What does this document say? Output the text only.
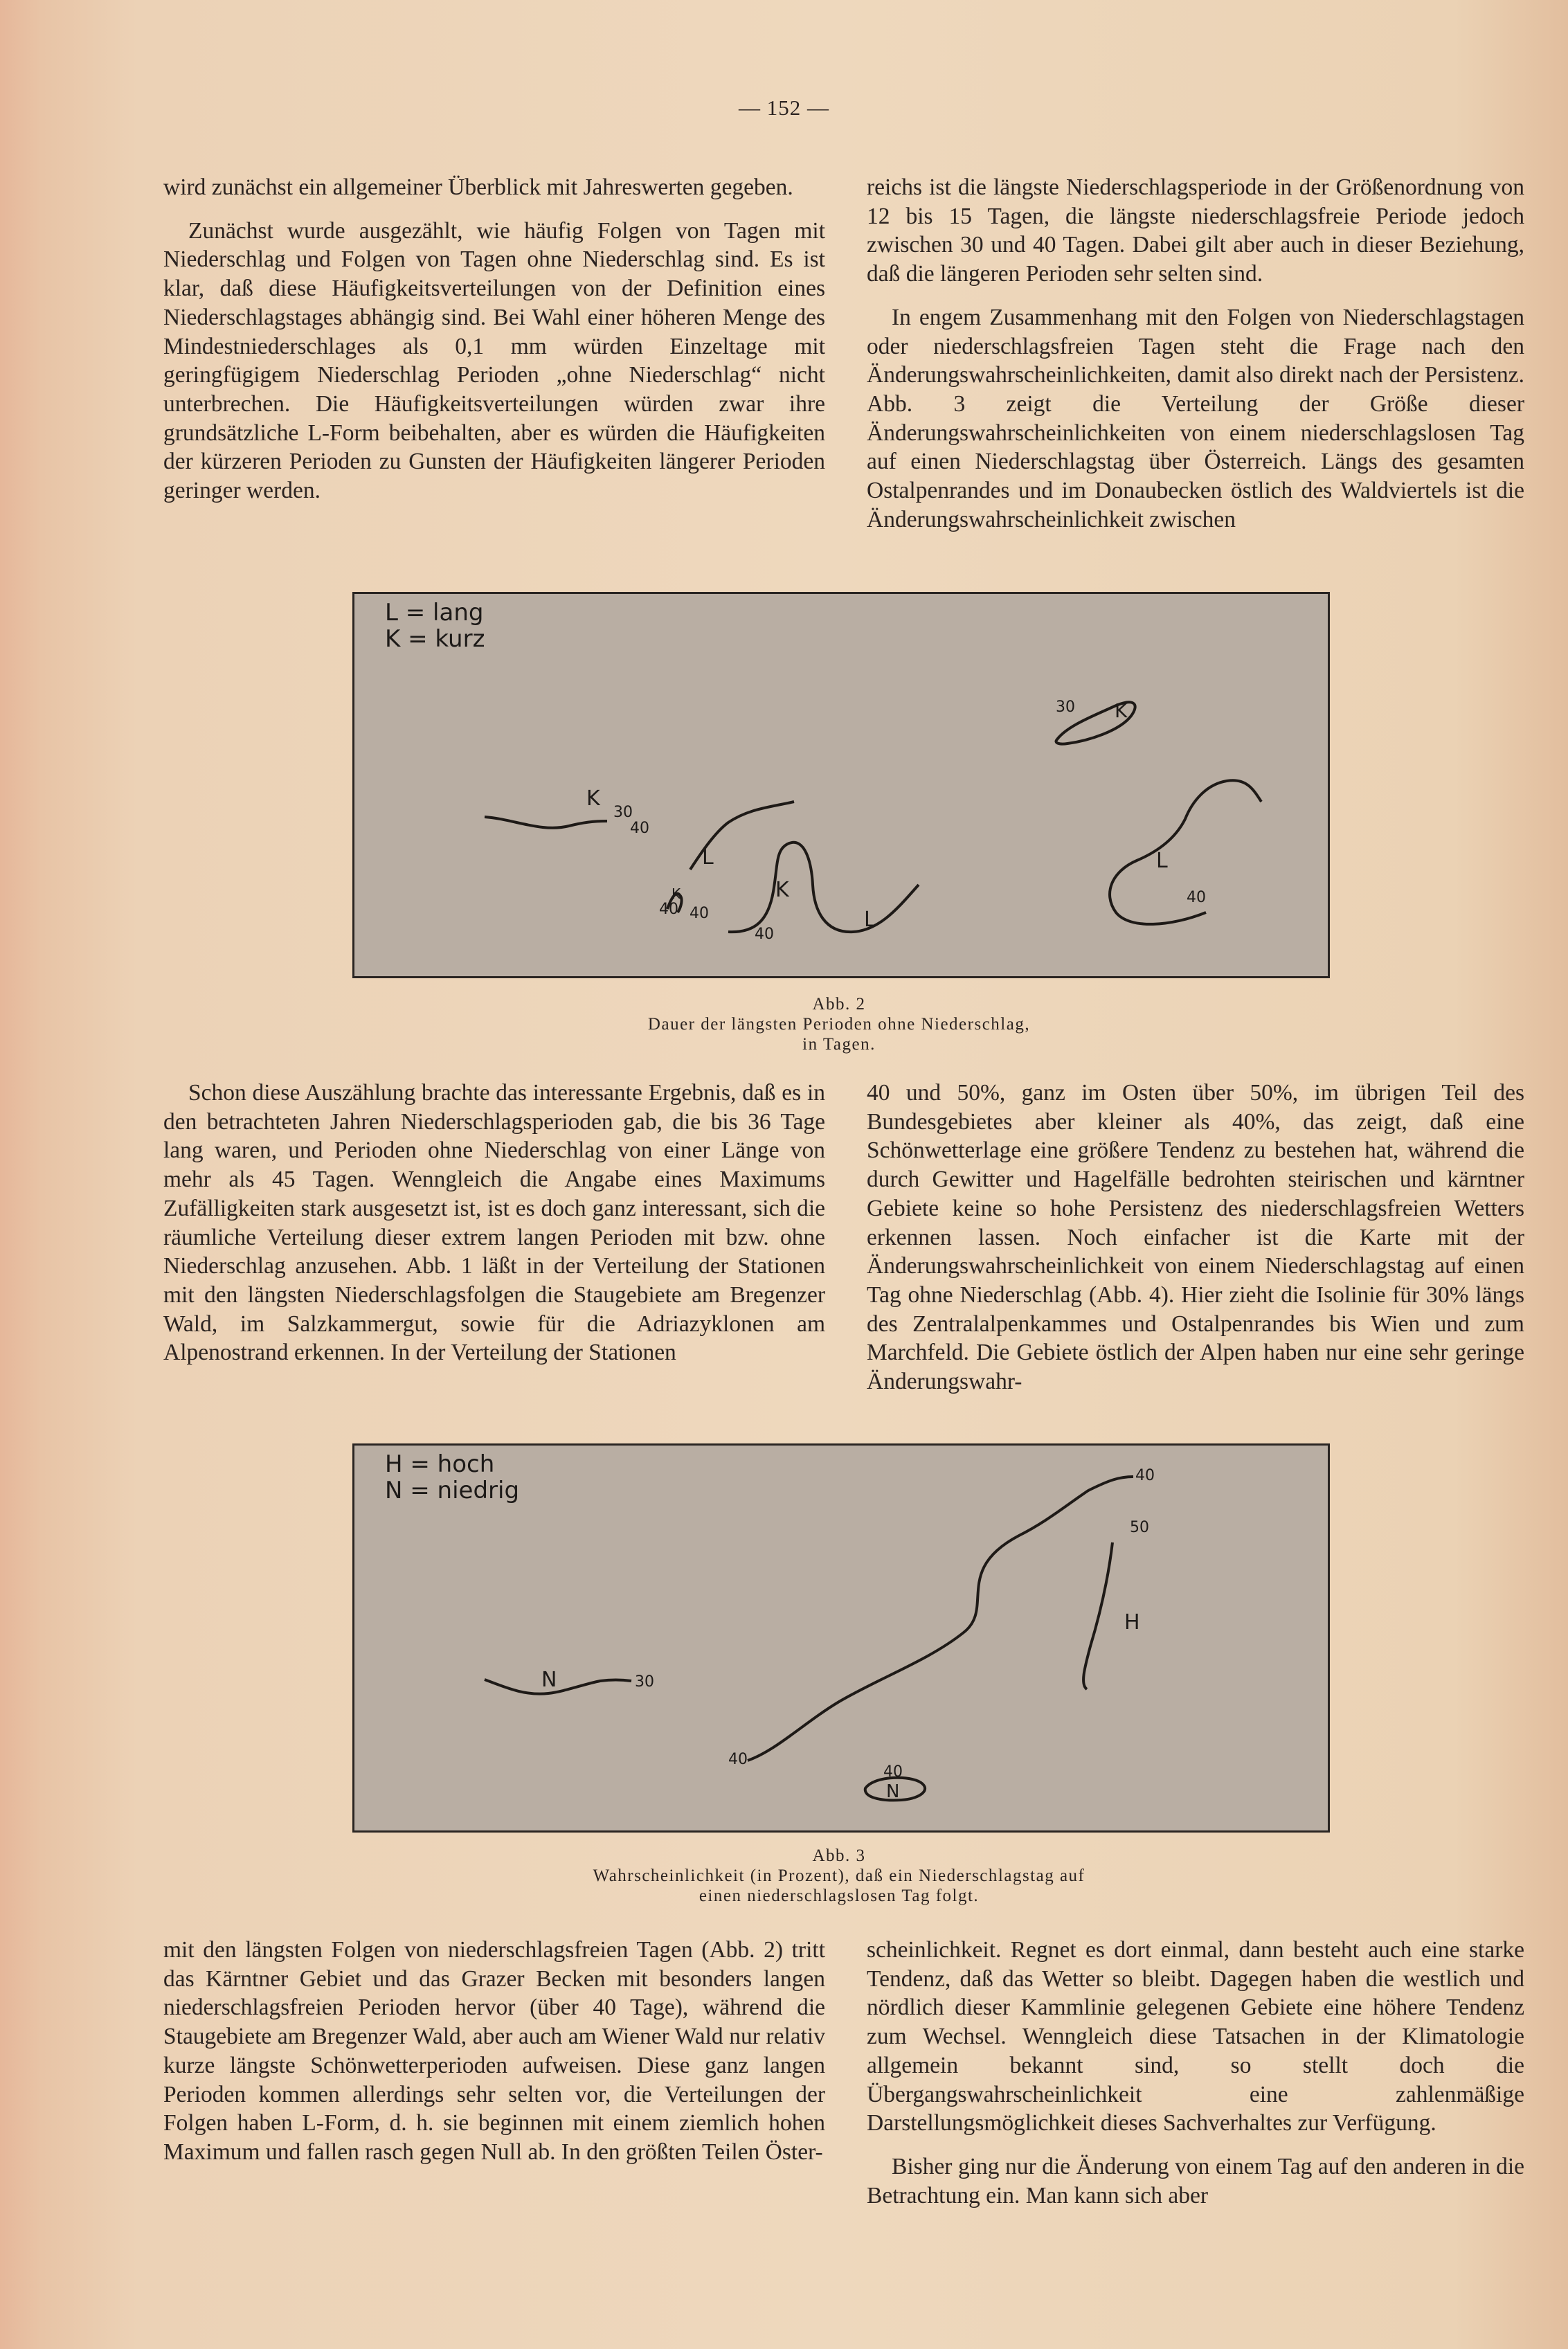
— 152 —

wird zunächst ein allgemeiner Überblick mit Jahreswerten gegeben.

Zunächst wurde ausgezählt, wie häufig Folgen von Tagen mit Niederschlag und Folgen von Tagen ohne Niederschlag sind. Es ist klar, daß diese Häufigkeitsverteilungen von der Definition eines Niederschlagstages abhängig sind. Bei Wahl einer höheren Menge des Mindestniederschlages als 0,1 mm würden Einzeltage mit geringfügigem Niederschlag Perioden „ohne Niederschlag“ nicht unterbrechen. Die Häufigkeitsverteilungen würden zwar ihre grundsätzliche L-Form beibehalten, aber es würden die Häufigkeiten der kürzeren Perioden zu Gunsten der Häufigkeiten längerer Perioden geringer werden.

reichs ist die längste Niederschlagsperiode in der Größenordnung von 12 bis 15 Tagen, die längste niederschlagsfreie Periode jedoch zwischen 30 und 40 Tagen. Dabei gilt aber auch in dieser Beziehung, daß die längeren Perioden sehr selten sind.

In engem Zusammenhang mit den Folgen von Niederschlagstagen oder niederschlagsfreien Tagen steht die Frage nach den Änderungswahrscheinlichkeiten, damit also direkt nach der Persistenz. Abb. 3 zeigt die Verteilung der Größe dieser Änderungswahrscheinlichkeiten von einem niederschlagslosen Tag auf einen Niederschlagstag über Österreich. Längs des gesamten Ostalpenrandes und im Donaubecken östlich des Waldviertels ist die Änderungswahrscheinlichkeit zwischen

K
30
40
L
K
40 40
K
40
L
L
40
K
30
L = lang
K = kurz
Abb. 2
Dauer der längsten Perioden ohne Niederschlag,
in Tagen.

Schon diese Auszählung brachte das interessante Ergebnis, daß es in den betrachteten Jahren Niederschlagsperioden gab, die bis 36 Tage lang waren, und Perioden ohne Niederschlag von einer Länge von mehr als 45 Tagen. Wenngleich die Angabe eines Maximums Zufälligkeiten stark ausgesetzt ist, ist es doch ganz interessant, sich die räumliche Verteilung dieser extrem langen Perioden mit bzw. ohne Niederschlag anzusehen. Abb. 1 läßt in der Verteilung der Stationen mit den längsten Niederschlagsfolgen die Staugebiete am Bregenzer Wald, im Salzkammergut, sowie für die Adriazyklonen am Alpenostrand erkennen. In der Verteilung der Stationen

40 und 50%, ganz im Osten über 50%, im übrigen Teil des Bundesgebietes aber kleiner als 40%, das zeigt, daß eine Schönwetterlage eine größere Tendenz zu bestehen hat, während die durch Gewitter und Hagelfälle bedrohten steirischen und kärntner Gebiete keine so hohe Persistenz des niederschlagsfreien Wetters erkennen lassen. Noch einfacher ist die Karte mit der Änderungswahrscheinlichkeit von einem Niederschlagstag auf einen Tag ohne Niederschlag (Abb. 4). Hier zieht die Isolinie für 30% längs des Zentralalpenkammes und Ostalpenrandes bis Wien und zum Marchfeld. Die Gebiete östlich der Alpen haben nur eine sehr geringe Änderungswahr-

N	30
40
40
50
H
40
N
H = hoch
N = niedrig
Abb. 3
Wahrscheinlichkeit (in Prozent), daß ein Niederschlagstag auf
einen niederschlagslosen Tag folgt.

mit den längsten Folgen von niederschlagsfreien Tagen (Abb. 2) tritt das Kärntner Gebiet und das Grazer Becken mit besonders langen niederschlagsfreien Perioden hervor (über 40 Tage), während die Staugebiete am Bregenzer Wald, aber auch am Wiener Wald nur relativ kurze längste Schönwetterperioden aufweisen. Diese ganz langen Perioden kommen allerdings sehr selten vor, die Verteilungen der Folgen haben L-Form, d. h. sie beginnen mit einem ziemlich hohen Maximum und fallen rasch gegen Null ab. In den größten Teilen Öster-

scheinlichkeit. Regnet es dort einmal, dann besteht auch eine starke Tendenz, daß das Wetter so bleibt. Dagegen haben die westlich und nördlich dieser Kammlinie gelegenen Gebiete eine höhere Tendenz zum Wechsel. Wenngleich diese Tatsachen in der Klimatologie allgemein bekannt sind, so stellt doch die Übergangswahrscheinlichkeit eine zahlenmäßige Darstellungsmöglichkeit dieses Sachverhaltes zur Verfügung.

Bisher ging nur die Änderung von einem Tag auf den anderen in die Betrachtung ein. Man kann sich aber
